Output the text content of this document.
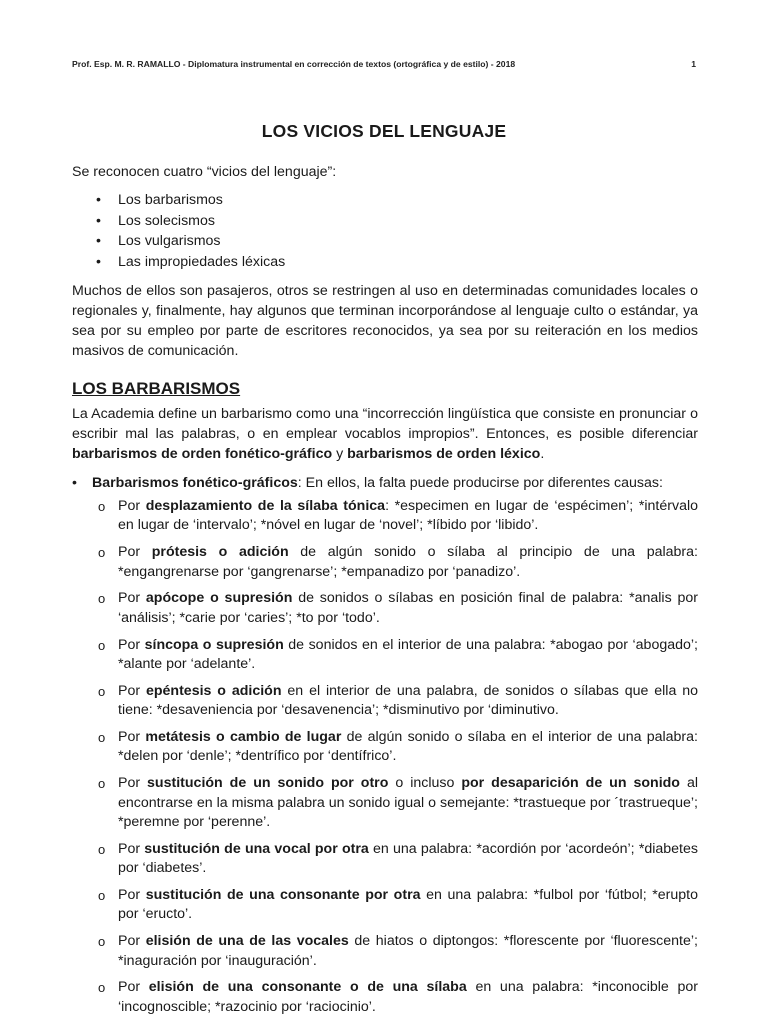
Prof. Esp. M. R. RAMALLO - Diplomatura instrumental en corrección de textos (ortográfica y de estilo) - 2018	1
LOS VICIOS DEL LENGUAJE

Se reconocen cuatro “vicios del lenguaje”:

• Los barbarismos
• Los solecismos
• Los vulgarismos
• Las impropiedades léxicas

Muchos de ellos son pasajeros, otros se restringen al uso en determinadas comunidades locales o regionales y, finalmente, hay algunos que terminan incorporándose al lenguaje culto o estándar, ya sea por su empleo por parte de escritores reconocidos, ya sea por su reiteración en los medios masivos de comunicación.

LOS BARBARISMOS

La Academia define un barbarismo como una “incorrección lingüística que consiste en pronunciar o escribir mal las palabras, o en emplear vocablos impropios”. Entonces, es posible diferenciar barbarismos de orden fonético-gráfico y barbarismos de orden léxico.

• Barbarismos fonético-gráficos: En ellos, la falta puede producirse por diferentes causas:
o Por desplazamiento de la sílaba tónica: *especimen en lugar de ‘espécimen’; *intérvalo en lugar de ‘intervalo’; *nóvel en lugar de ‘novel’; *líbido por ‘libido’.
o Por prótesis o adición de algún sonido o sílaba al principio de una palabra: *engangrenarse por ‘gangrenarse’; *empanadizo por ‘panadizo’.
o Por apócope o supresión de sonidos o sílabas en posición final de palabra: *analis por ‘análisis’; *carie por ‘caries’; *to por ‘todo’.
o Por síncopa o supresión de sonidos en el interior de una palabra: *abogao por ‘abogado’; *alante por ‘adelante’.
o Por epéntesis o adición en el interior de una palabra, de sonidos o sílabas que ella no tiene: *desaveniencia por ‘desavenencia’; *disminutivo por ‘diminutivo.
o Por metátesis o cambio de lugar de algún sonido o sílaba en el interior de una palabra: *delen por ‘denle’; *dentrífico por ‘dentífrico’.
o Por sustitución de un sonido por otro o incluso por desaparición de un sonido al encontrarse en la misma palabra un sonido igual o semejante: *trastueque por ´trastrueque’; *peremne por ‘perenne’.
o Por sustitución de una vocal por otra en una palabra: *acordión por ‘acordeón’; *diabetes por ‘diabetes’.
o Por sustitución de una consonante por otra en una palabra: *fulbol por ‘fútbol; *erupto por ‘eructo’.
o Por elisión de una de las vocales de hiatos o diptongos: *florescente por ‘fluorescente’; *inaguración por ‘inauguración’.
o Por elisión de una consonante o de una sílaba en una palabra: *inconocible por ‘incognoscible; *razocinio por ‘raciocinio’.
